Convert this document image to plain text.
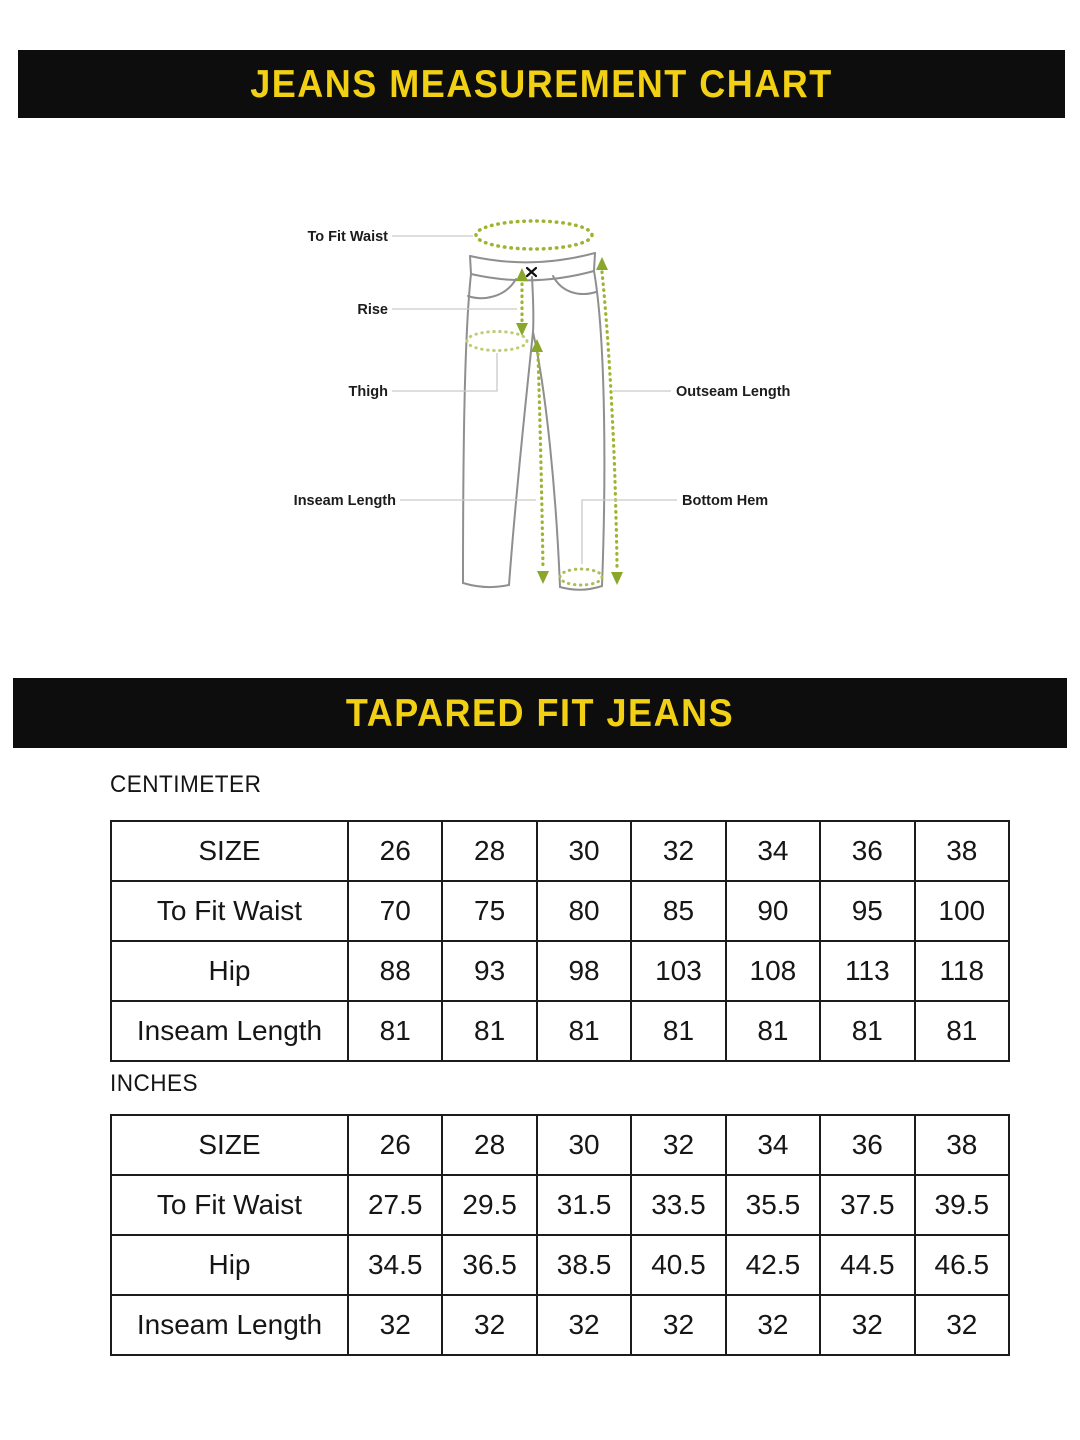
JEANS MEASUREMENT CHART
To Fit Waist
Rise
Thigh
Inseam Length
Outseam Length
Bottom Hem
TAPARED FIT JEANS
CENTIMETER
SIZE	26	28	30	32	34	36	38
To Fit Waist	70	75	80	85	90	95	100
Hip	88	93	98	103	108	113	118
Inseam Length	81	81	81	81	81	81	81
INCHES
SIZE	26	28	30	32	34	36	38
To Fit Waist	27.5	29.5	31.5	33.5	35.5	37.5	39.5
Hip	34.5	36.5	38.5	40.5	42.5	44.5	46.5
Inseam Length	32	32	32	32	32	32	32
